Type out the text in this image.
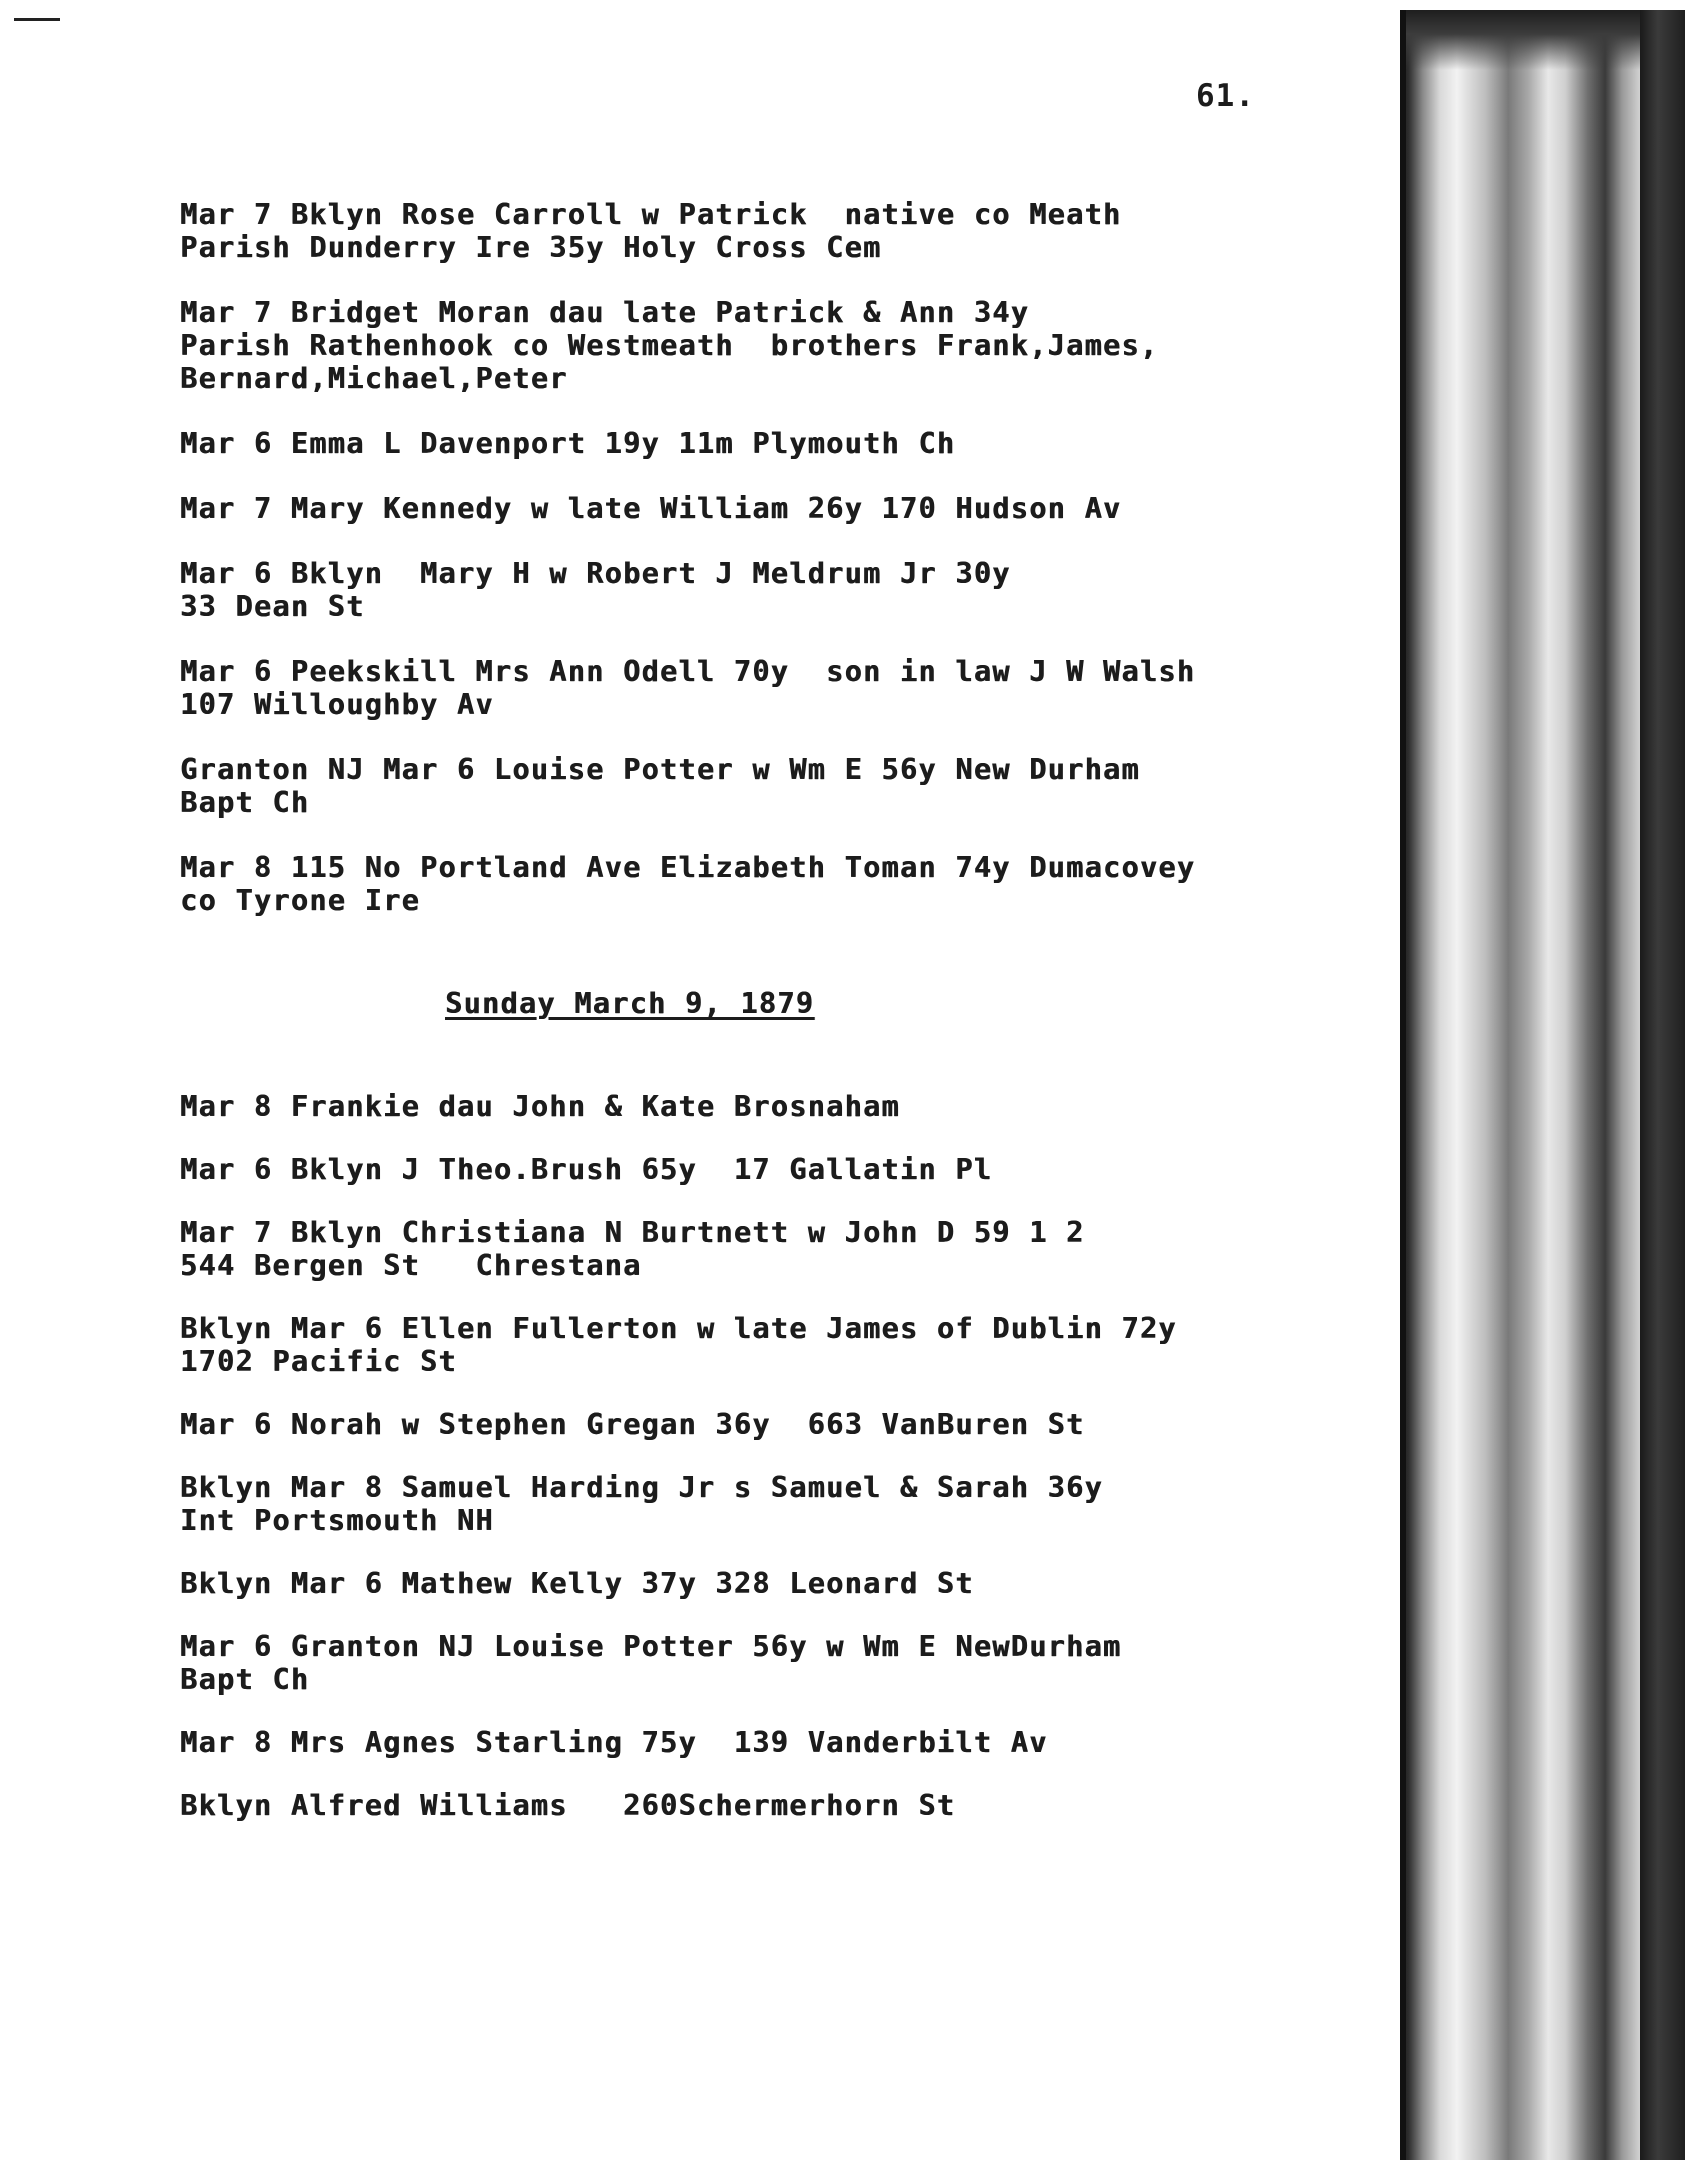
61.

Mar 7 Bklyn Rose Carroll w Patrick  native co Meath
Parish Dunderry Ire 35y Holy Cross Cem

Mar 7 Bridget Moran dau late Patrick & Ann 34y
Parish Rathenhook co Westmeath  brothers Frank,James,
Bernard,Michael,Peter

Mar 6 Emma L Davenport 19y 11m Plymouth Ch

Mar 7 Mary Kennedy w late William 26y 170 Hudson Av

Mar 6 Bklyn  Mary H w Robert J Meldrum Jr 30y
33 Dean St

Mar 6 Peekskill Mrs Ann Odell 70y  son in law J W Walsh
107 Willoughby Av

Granton NJ Mar 6 Louise Potter w Wm E 56y New Durham
Bapt Ch

Mar 8 115 No Portland Ave Elizabeth Toman 74y Dumacovey
co Tyrone Ire

Sunday March 9, 1879

Mar 8 Frankie dau John & Kate Brosnaham

Mar 6 Bklyn J Theo.Brush 65y  17 Gallatin Pl

Mar 7 Bklyn Christiana N Burtnett w John D 59 1 2
544 Bergen St   Chrestana

Bklyn Mar 6 Ellen Fullerton w late James of Dublin 72y
1702 Pacific St

Mar 6 Norah w Stephen Gregan 36y  663 VanBuren St

Bklyn Mar 8 Samuel Harding Jr s Samuel & Sarah 36y
Int Portsmouth NH

Bklyn Mar 6 Mathew Kelly 37y 328 Leonard St

Mar 6 Granton NJ Louise Potter 56y w Wm E NewDurham
Bapt Ch

Mar 8 Mrs Agnes Starling 75y  139 Vanderbilt Av

Bklyn Alfred Williams   260Schermerhorn St
